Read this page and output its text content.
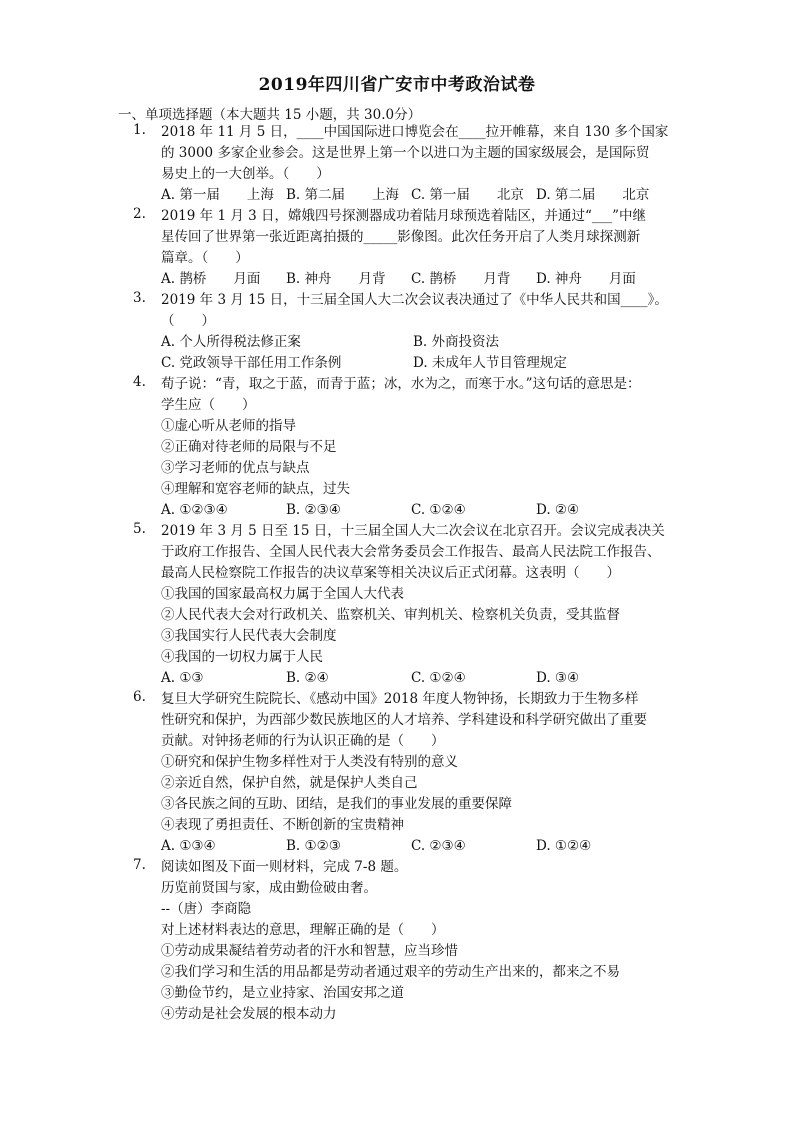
2019年四川省广安市中考政治试卷
一、单项选择题（本大题共 15 小题，共 30.0分）
1.	2018 年 11 月 5 日，____中国国际进口博览会在____拉开帷幕，来自 130 多个国家
的 3000 多家企业参会。这是世界上第一个以进口为主题的国家级展会，是国际贸
易史上的一大创举。（　　）
A. 第一届　　上海 B. 第二届　　上海 C. 第一届　　北京 D. 第二届　　北京
2.	2019 年 1 月 3 日，嫦娥四号探测器成功着陆月球预选着陆区，并通过“___”中继
星传回了世界第一张近距离拍摄的_____影像图。此次任务开启了人类月球探测新
篇章。（　　）
A. 鹊桥　　月面	B. 神舟　　月背	C. 鹊桥　　月背	D. 神舟　　月面
3.	2019 年 3 月 15 日，十三届全国人大二次会议表决通过了《中华人民共和国____》。
（　　）
A. 个人所得税法修正案	B. 外商投资法
C. 党政领导干部任用工作条例	D. 未成年人节目管理规定
4.	荀子说：“青，取之于蓝，而青于蓝；冰，水为之，而寒于水。”这句话的意思是：
学生应（　　）
①虚心听从老师的指导
②正确对待老师的局限与不足
③学习老师的优点与缺点
④理解和宽容老师的缺点，过失
A. ①②③④	B. ②③④	C. ①②④	D. ②④
5.	2019 年 3 月 5 日至 15 日，十三届全国人大二次会议在北京召开。会议完成表决关
于政府工作报告、全国人民代表大会常务委员会工作报告、最高人民法院工作报告、
最高人民检察院工作报告的决议草案等相关决议后正式闭幕。这表明（　　）
①我国的国家最高权力属于全国人大代表
②人民代表大会对行政机关、监察机关、审判机关、检察机关负责，受其监督
③我国实行人民代表大会制度
④我国的一切权力属于人民
A. ①③	B. ②④	C. ①②④	D. ③④
6.	复旦大学研究生院院长、《感动中国》2018 年度人物钟扬，长期致力于生物多样
性研究和保护，为西部少数民族地区的人才培养、学科建设和科学研究做出了重要
贡献。对钟扬老师的行为认识正确的是（　　）
①研究和保护生物多样性对于人类没有特别的意义
②亲近自然，保护自然，就是保护人类自己
③各民族之间的互助、团结，是我们的事业发展的重要保障
④表现了勇担责任、不断创新的宝贵精神
A. ①③④	B. ①②③	C. ②③④	D. ①②④
7.	阅读如图及下面一则材料，完成 7-8 题。
历览前贤国与家，成由勤俭破由奢。
--（唐）李商隐
对上述材料表达的意思，理解正确的是（　　）
①劳动成果凝结着劳动者的汗水和智慧，应当珍惜
②我们学习和生活的用品都是劳动者通过艰辛的劳动生产出来的，都来之不易
③勤俭节约，是立业持家、治国安邦之道
④劳动是社会发展的根本动力
